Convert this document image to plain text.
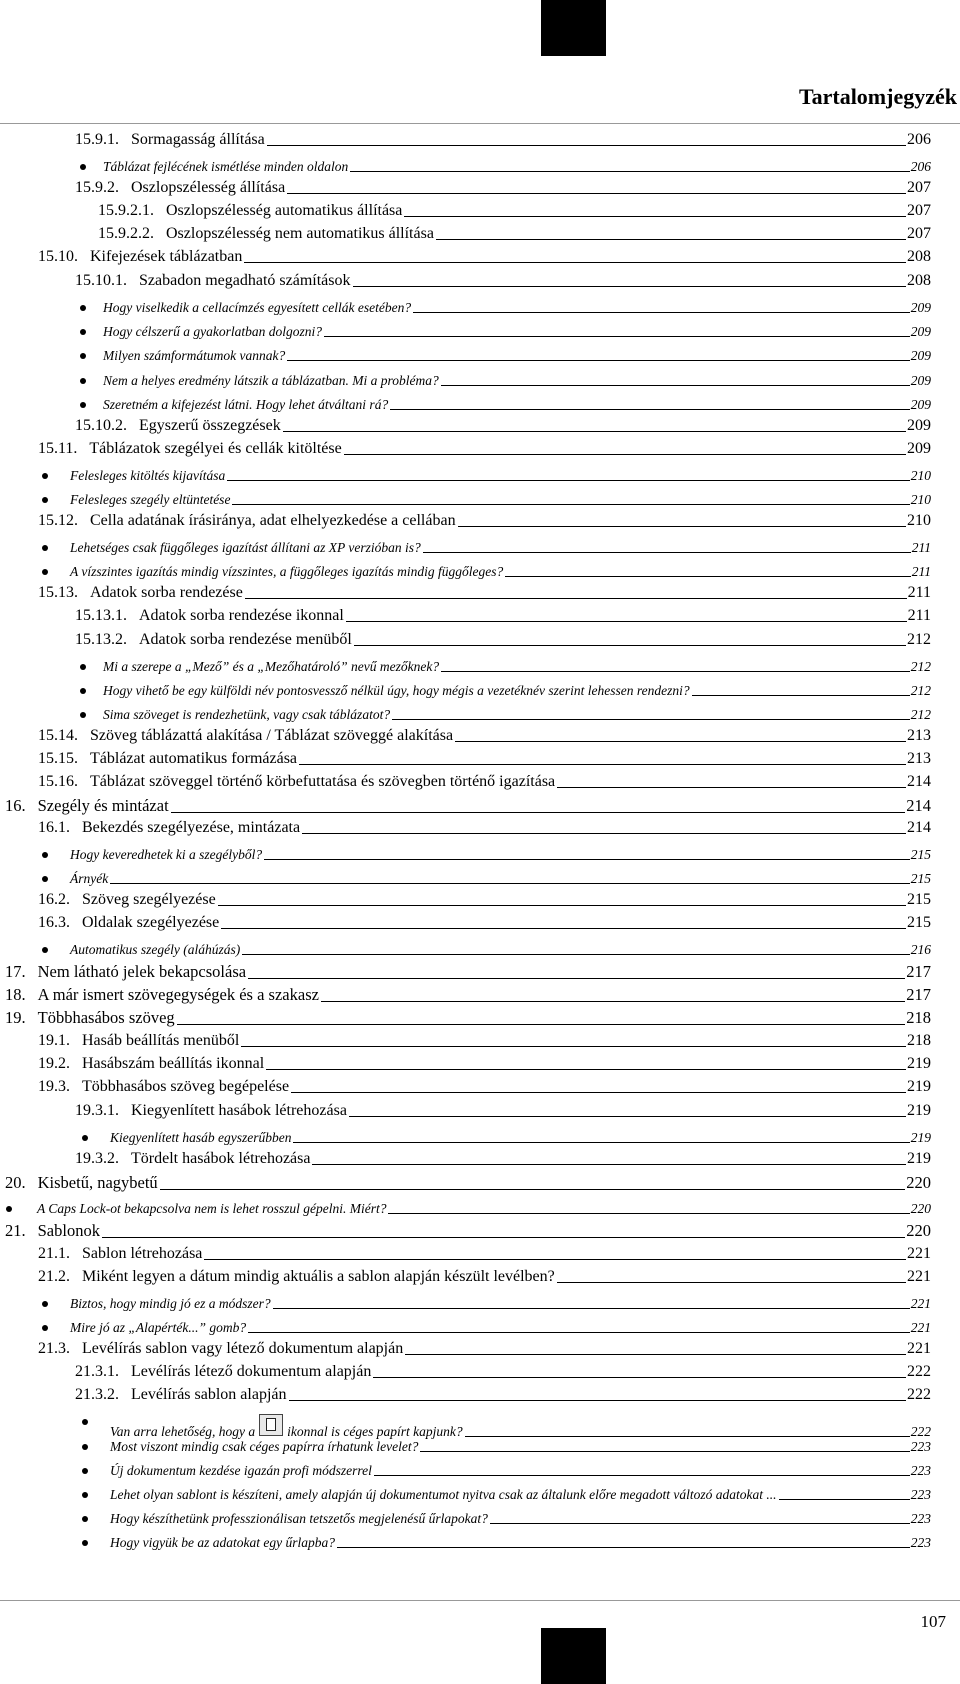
Tartalomjegyzék
15.9.1. Sormagasság állítása	206
Táblázat fejlécének ismétlése minden oldalon	206
15.9.2. Oszlopszélesség állítása	207
15.9.2.1. Oszlopszélesség automatikus állítása	207
15.9.2.2. Oszlopszélesség nem automatikus állítása	207
15.10. Kifejezések táblázatban	208
15.10.1. Szabadon megadható számítások	208
Hogy viselkedik a cellacímzés egyesített cellák esetében?	209
Hogy célszerű a gyakorlatban dolgozni?	209
Milyen számformátumok vannak?	209
Nem a helyes eredmény látszik a táblázatban. Mi a probléma?	209
Szeretném a kifejezést látni. Hogy lehet átváltani rá?	209
15.10.2. Egyszerű összegzések	209
15.11. Táblázatok szegélyei és cellák kitöltése	209
Felesleges kitöltés kijavítása	210
Felesleges szegély eltüntetése	210
15.12. Cella adatának írásiránya, adat elhelyezkedése a cellában	210
Lehetséges csak függőleges igazítást állítani az XP verzióban is?	211
A vízszintes igazítás mindig vízszintes, a függőleges igazítás mindig függőleges?	211
15.13. Adatok sorba rendezése	211
15.13.1. Adatok sorba rendezése ikonnal	211
15.13.2. Adatok sorba rendezése menüből	212
Mi a szerepe a „Mező” és a „Mezőhatároló” nevű mezőknek?	212
Hogy vihető be egy külföldi név pontosvessző nélkül úgy, hogy mégis a vezetéknév szerint lehessen rendezni?	212
Sima szöveget is rendezhetünk, vagy csak táblázatot?	212
15.14. Szöveg táblázattá alakítása / Táblázat szöveggé alakítása	213
15.15. Táblázat automatikus formázása	213
15.16. Táblázat szöveggel történő körbefuttatása és szövegben történő igazítása	214
16. Szegély és mintázat	214
16.1. Bekezdés szegélyezése, mintázata	214
Hogy keveredhetek ki a szegélyből?	215
Árnyék	215
16.2. Szöveg szegélyezése	215
16.3. Oldalak szegélyezése	215
Automatikus szegély (aláhúzás)	216
17. Nem látható jelek bekapcsolása	217
18. A már ismert szövegegységek és a szakasz	217
19. Többhasábos szöveg	218
19.1. Hasáb beállítás menüből	218
19.2. Hasábszám beállítás ikonnal	219
19.3. Többhasábos szöveg begépelése	219
19.3.1. Kiegyenlített hasábok létrehozása	219
Kiegyenlített hasáb egyszerűbben	219
19.3.2. Tördelt hasábok létrehozása	219
20. Kisbetű, nagybetű	220
A Caps Lock-ot bekapcsolva nem is lehet rosszul gépelni. Miért?	220
21. Sablonok	220
21.1. Sablon létrehozása	221
21.2. Miként legyen a dátum mindig aktuális a sablon alapján készült levélben?	221
Biztos, hogy mindig jó ez a módszer?	221
Mire jó az „Alapérték...” gomb?	221
21.3. Levélírás sablon vagy létező dokumentum alapján	221
21.3.1. Levélírás létező dokumentum alapján	222
21.3.2. Levélírás sablon alapján	222
Van arra lehetőség, hogy a ikonnal is céges papírt kapjunk?	222
Most viszont mindig csak céges papírra írhatunk levelet?	223
Új dokumentum kezdése igazán profi módszerrel	223
Lehet olyan sablont is készíteni, amely alapján új dokumentumot nyitva csak az általunk előre megadott változó adatokat ...	223
Hogy készíthetünk professzionálisan tetszetős megjelenésű űrlapokat?	223
Hogy vigyük be az adatokat egy űrlapba?	223
107
